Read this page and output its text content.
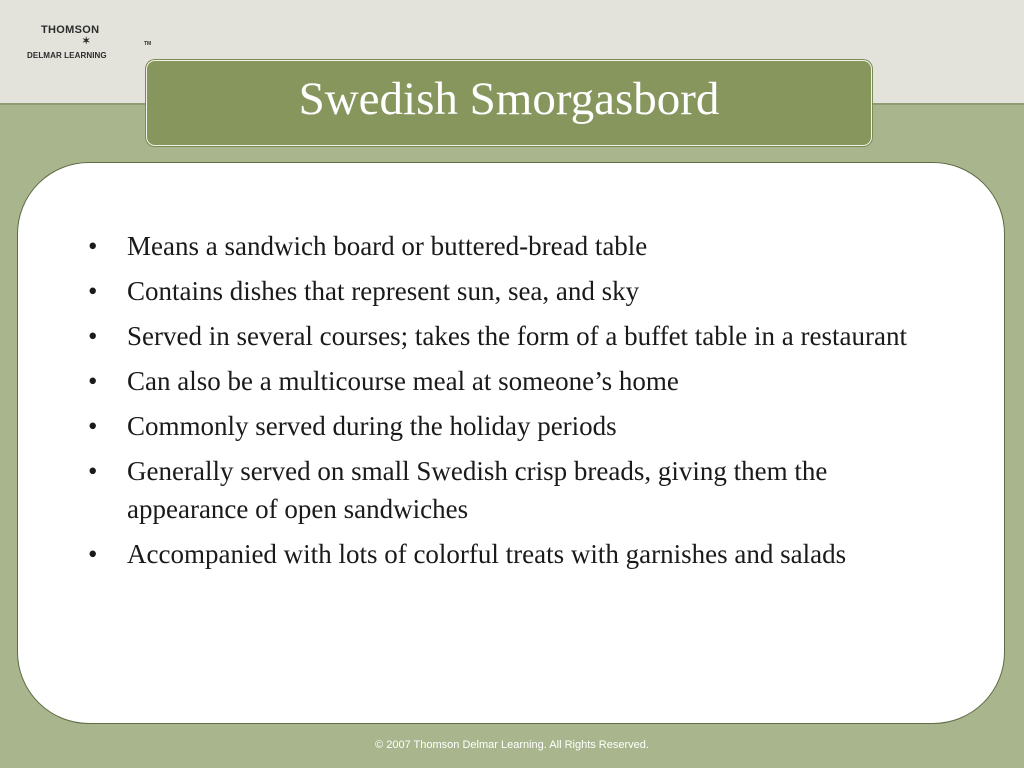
THOMSON
✶
DELMAR LEARNING
TM
Swedish Smorgasbord
• Means a sandwich board or buttered-bread table
• Contains dishes that represent sun, sea, and sky
• Served in several courses; takes the form of a buffet table in a restaurant
• Can also be a multicourse meal at someone’s home
• Commonly served during the holiday periods
• Generally served on small Swedish crisp breads, giving them the appearance of open sandwiches
• Accompanied with lots of colorful treats with garnishes and salads
© 2007 Thomson Delmar Learning. All Rights Reserved.
